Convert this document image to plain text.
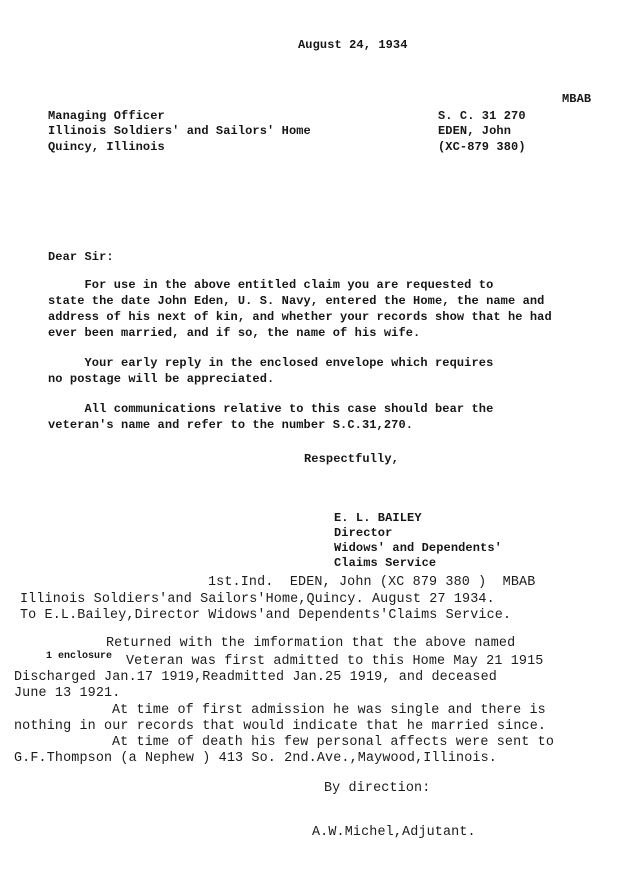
August 24, 1934
MBAB
Managing Officer
Illinois Soldiers' and Sailors' Home
Quincy, Illinois
S. C. 31 270
EDEN, John
(XC-879 380)
Dear Sir:
For use in the above entitled claim you are requested to
state the date John Eden, U. S. Navy, entered the Home, the name and
address of his next of kin, and whether your records show that he had
ever been married, and if so, the name of his wife.
Your early reply in the enclosed envelope which requires
no postage will be appreciated.
All communications relative to this case should bear the
veteran's name and refer to the number S.C.31,270.
Respectfully,
E. L. BAILEY
Director
Widows' and Dependents'
Claims Service
1st.Ind.  EDEN, John (XC 879 380 )  MBAB
Illinois Soldiers'and Sailors'Home,Quincy. August 27 1934.
To E.L.Bailey,Director Widows'and Dependents'Claims Service.
Returned with the imformation that the above named
1 enclosure Veteran was first admitted to this Home May 21 1915
Discharged Jan.17 1919,Readmitted Jan.25 1919, and deceased
June 13 1921.
At time of first admission he was single and there is
nothing in our records that would indicate that he married since.
At time of death his few personal affects were sent to
G.F.Thompson (a Nephew ) 413 So. 2nd.Ave.,Maywood,Illinois.
By direction:
A.W.Michel,Adjutant.
